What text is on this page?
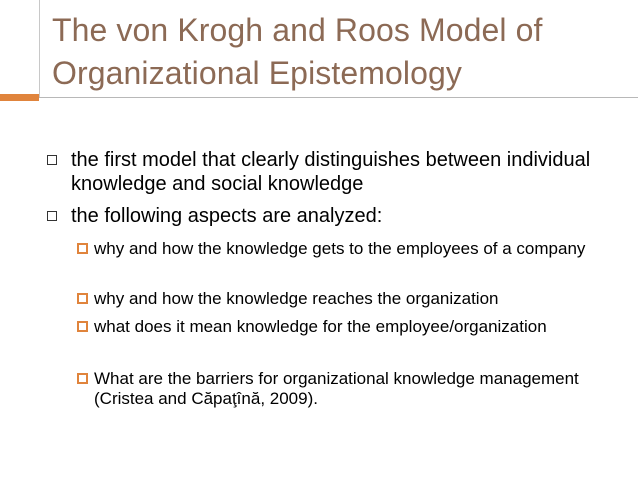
The von Krogh and Roos Model of Organizational Epistemology
the first model that clearly distinguishes between individual knowledge and social knowledge
the following aspects are analyzed:
why and how the knowledge gets to the employees of a company
why and how the knowledge reaches the organization
what does it mean knowledge for the employee/organization
What are the barriers for organizational knowledge management (Cristea and Căpaţînă, 2009).
